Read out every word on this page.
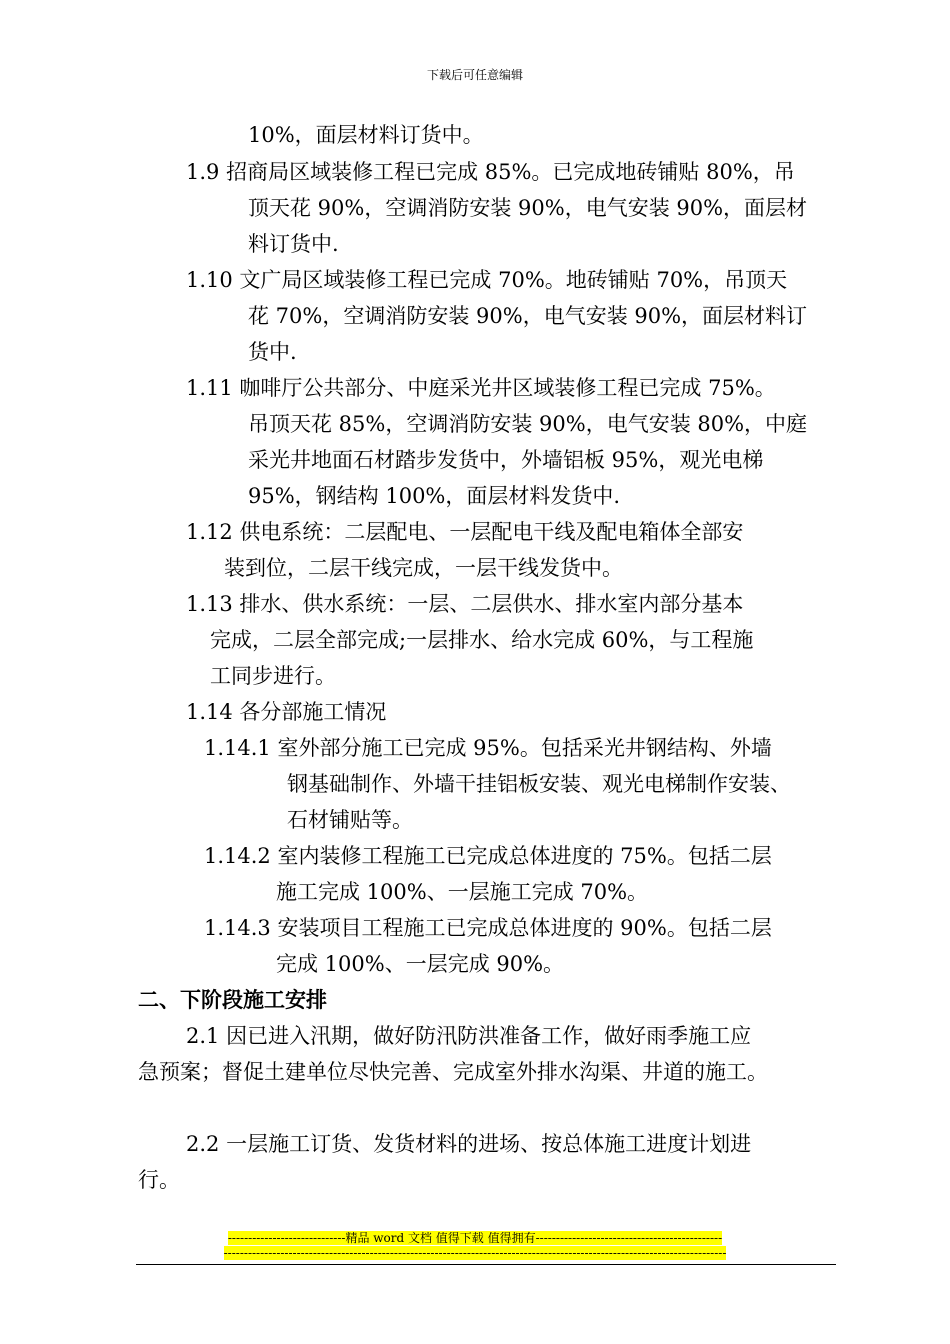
下载后可任意编辑
10%，面层材料订货中。
1.9 招商局区域装修工程已完成 85%。已完成地砖铺贴 80%，吊
顶天花 90%，空调消防安装 90%，电气安装 90%，面层材
料订货中.
1.10 文广局区域装修工程已完成 70%。地砖铺贴 70%，吊顶天
花 70%，空调消防安装 90%，电气安装 90%，面层材料订
货中.
1.11 咖啡厅公共部分、中庭采光井区域装修工程已完成 75%。
吊顶天花 85%，空调消防安装 90%，电气安装 80%，中庭
采光井地面石材踏步发货中，外墙铝板 95%，观光电梯
95%，钢结构 100%，面层材料发货中.
1.12 供电系统：二层配电、一层配电干线及配电箱体全部安
装到位，二层干线完成，一层干线发货中。
1.13 排水、供水系统：一层、二层供水、排水室内部分基本
完成，二层全部完成;一层排水、给水完成 60%，与工程施
工同步进行。
1.14 各分部施工情况
1.14.1 室外部分施工已完成 95%。包括采光井钢结构、外墙
钢基础制作、外墙干挂铝板安装、观光电梯制作安装、
石材铺贴等。
1.14.2 室内装修工程施工已完成总体进度的 75%。包括二层
施工完成 100%、一层施工完成 70%。
1.14.3 安装项目工程施工已完成总体进度的 90%。包括二层
完成 100%、一层完成 90%。
二、下阶段施工安排
2.1 因已进入汛期，做好防汛防洪准备工作，做好雨季施工应
急预案；督促土建单位尽快完善、完成室外排水沟渠、井道的施工。
2.2 一层施工订货、发货材料的进场、按总体施工进度计划进
行。
-----------------------------精品 word 文档 值得下载 值得拥有----------------------------------------------
----------------------------------------------------------------------------------------------------------------------------
